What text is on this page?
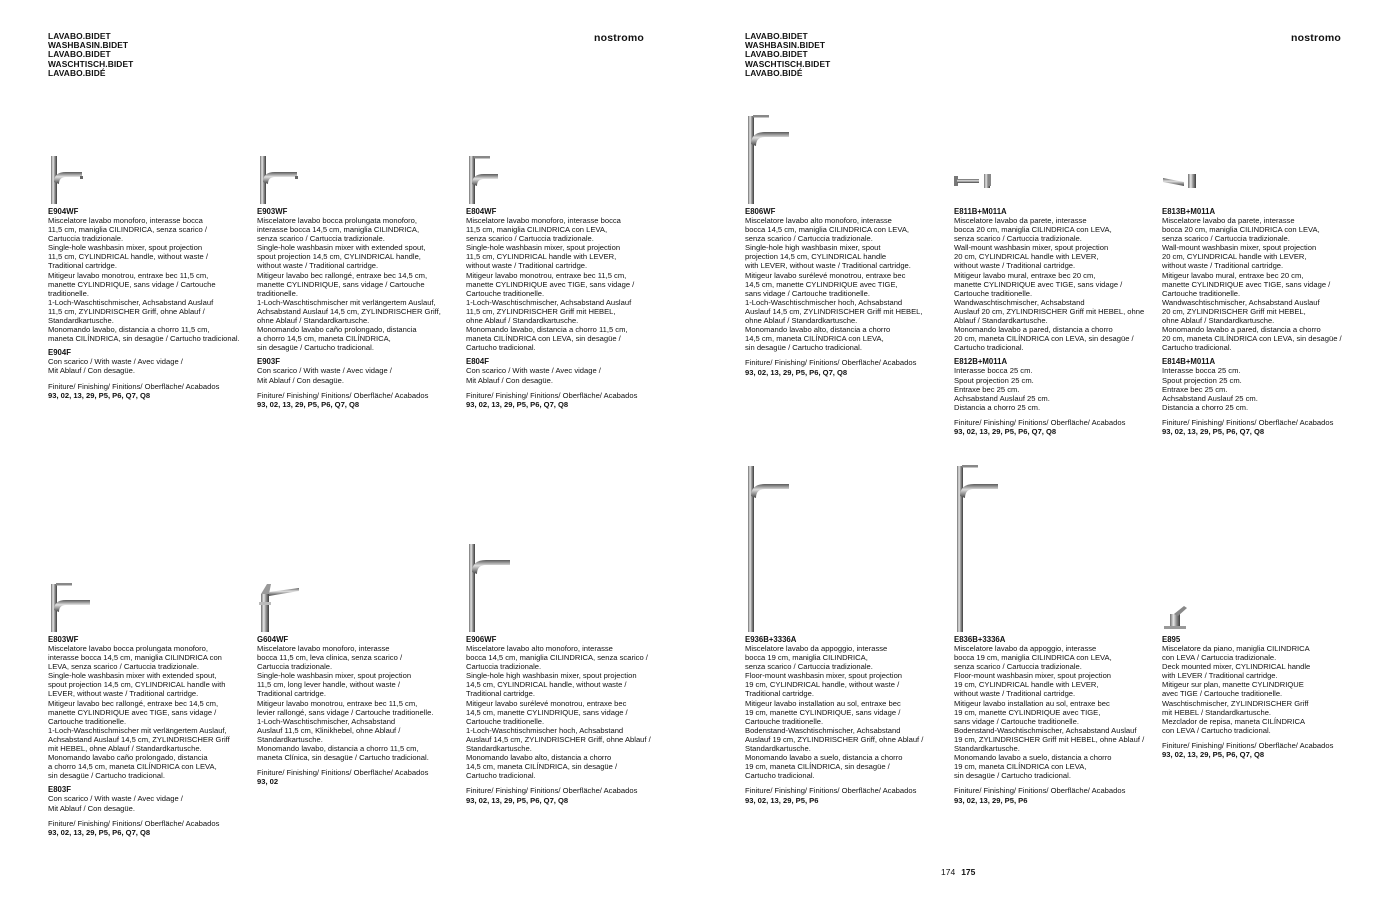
LAVABO.BIDET
WASHBASIN.BIDET
LAVABO.BIDET
WASCHTISCH.BIDET
LAVABO.BIDÉ
nostromo	LAVABO.BIDET
WASHBASIN.BIDET
LAVABO.BIDET
WASCHTISCH.BIDET
LAVABO.BIDÉ
nostromo
E904WF
Miscelatore lavabo monoforo, interasse bocca
11,5 cm, maniglia CILINDRICA, senza scarico /
Cartuccia tradizionale.
Single-hole washbasin mixer, spout projection
11,5 cm, CYLINDRICAL handle, without waste /
Traditional cartridge.
Mitigeur lavabo monotrou, entraxe bec 11,5 cm,
manette CYLINDRIQUE, sans vidage / Cartouche
traditionelle.
1-Loch-Waschtischmischer, Achsabstand Auslauf
11,5 cm, ZYLINDRISCHER Griff, ohne Ablauf /
Standardkartusche.
Monomando lavabo, distancia a chorro 11,5 cm,
maneta CILÍNDRICA, sin desagüe / Cartucho tradicional.
E904F
Con scarico / With waste / Avec vidage /
Mit Ablauf / Con desagüe.
Finiture/ Finishing/ Finitions/ Oberfläche/ Acabados
93, 02, 13, 29, P5, P6, Q7, Q8
E903WF
Miscelatore lavabo bocca prolungata monoforo,
interasse bocca 14,5 cm, maniglia CILINDRICA,
senza scarico / Cartuccia tradizionale.
Single-hole washbasin mixer with extended spout,
spout projection 14,5 cm, CYLINDRICAL handle,
without waste / Traditional cartridge.
Mitigeur lavabo bec rallongé, entraxe bec 14,5 cm,
manette CYLINDRIQUE, sans vidage / Cartouche
traditionelle.
1-Loch-Waschtischmischer mit verlängertem Auslauf,
Achsabstand Auslauf 14,5 cm, ZYLINDRISCHER Griff,
ohne Ablauf / Standardkartusche.
Monomando lavabo caño prolongado, distancia
a chorro 14,5 cm, maneta CILÍNDRICA,
sin desagüe / Cartucho tradicional.
E903F
Con scarico / With waste / Avec vidage /
Mit Ablauf / Con desagüe.
Finiture/ Finishing/ Finitions/ Oberfläche/ Acabados
93, 02, 13, 29, P5, P6, Q7, Q8
E804WF
Miscelatore lavabo monoforo, interasse bocca
11,5 cm, maniglia CILINDRICA con LEVA,
senza scarico / Cartuccia tradizionale.
Single-hole washbasin mixer, spout projection
11,5 cm, CYLINDRICAL handle with LEVER,
without waste / Traditional cartridge.
Mitigeur lavabo monotrou, entraxe bec 11,5 cm,
manette CYLINDRIQUE avec TIGE, sans vidage /
Cartouche traditionelle.
1-Loch-Waschtischmischer, Achsabstand Auslauf
11,5 cm, ZYLINDRISCHER Griff mit HEBEL,
ohne Ablauf / Standardkartusche.
Monomando lavabo, distancia a chorro 11,5 cm,
maneta CILÍNDRICA con LEVA, sin desagüe /
Cartucho tradicional.
E804F
Con scarico / With waste / Avec vidage /
Mit Ablauf / Con desagüe.
Finiture/ Finishing/ Finitions/ Oberfläche/ Acabados
93, 02, 13, 29, P5, P6, Q7, Q8
E806WF
Miscelatore lavabo alto monoforo, interasse
bocca 14,5 cm, maniglia CILINDRICA con LEVA,
senza scarico / Cartuccia tradizionale.
Single-hole high washbasin mixer, spout
projection 14,5 cm, CYLINDRICAL handle
with LEVER, without waste / Traditional cartridge.
Mitigeur lavabo surélevé monotrou, entraxe bec
14,5 cm, manette CYLINDRIQUE avec TIGE,
sans vidage / Cartouche traditionelle.
1-Loch-Waschtischmischer hoch, Achsabstand
Auslauf 14,5 cm, ZYLINDRISCHER Griff mit HEBEL,
ohne Ablauf / Standardkartusche.
Monomando lavabo alto, distancia a chorro
14,5 cm, maneta CILÍNDRICA con LEVA,
sin desagüe / Cartucho tradicional.
Finiture/ Finishing/ Finitions/ Oberfläche/ Acabados
93, 02, 13, 29, P5, P6, Q7, Q8
E811B+M011A
Miscelatore lavabo da parete, interasse
bocca 20 cm, maniglia CILINDRICA con LEVA,
senza scarico / Cartuccia tradizionale.
Wall-mount washbasin mixer, spout projection
20 cm, CYLINDRICAL handle with LEVER,
without waste / Traditional cartridge.
Mitigeur lavabo mural, entraxe bec 20 cm,
manette CYLINDRIQUE avec TIGE, sans vidage /
Cartouche traditionelle.
Wandwaschtischmischer, Achsabstand
Auslauf 20 cm, ZYLINDRISCHER Griff mit HEBEL, ohne
Ablauf / Standardkartusche.
Monomando lavabo a pared, distancia a chorro
20 cm, maneta CILÍNDRICA con LEVA, sin desagüe /
Cartucho tradicional.
E812B+M011A
Interasse bocca 25 cm.
Spout projection 25 cm.
Entraxe bec 25 cm.
Achsabstand Auslauf 25 cm.
Distancia a chorro 25 cm.
Finiture/ Finishing/ Finitions/ Oberfläche/ Acabados
93, 02, 13, 29, P5, P6, Q7, Q8
E813B+M011A
Miscelatore lavabo da parete, interasse
bocca 20 cm, maniglia CILINDRICA con LEVA,
senza scarico / Cartuccia tradizionale.
Wall-mount washbasin mixer, spout projection
20 cm, CYLINDRICAL handle with LEVER,
without waste / Traditional cartridge.
Mitigeur lavabo mural, entraxe bec 20 cm,
manette CYLINDRIQUE avec TIGE, sans vidage /
Cartouche traditionelle.
Wandwaschtischmischer, Achsabstand Auslauf
20 cm, ZYLINDRISCHER Griff mit HEBEL,
ohne Ablauf / Standardkartusche.
Monomando lavabo a pared, distancia a chorro
20 cm, maneta CILÍNDRICA con LEVA, sin desagüe /
Cartucho tradicional.
E814B+M011A
Interasse bocca 25 cm.
Spout projection 25 cm.
Entraxe bec 25 cm.
Achsabstand Auslauf 25 cm.
Distancia a chorro 25 cm.
Finiture/ Finishing/ Finitions/ Oberfläche/ Acabados
93, 02, 13, 29, P5, P6, Q7, Q8
E803WF
Miscelatore lavabo bocca prolungata monoforo,
interasse bocca 14,5 cm, maniglia CILINDRICA con
LEVA, senza scarico / Cartuccia tradizionale.
Single-hole washbasin mixer with extended spout,
spout projection 14,5 cm, CYLINDRICAL handle with
LEVER, without waste / Traditional cartridge.
Mitigeur lavabo bec rallongé, entraxe bec 14,5 cm,
manette CYLINDRIQUE avec TIGE, sans vidage /
Cartouche traditionelle.
1-Loch-Waschtischmischer mit verlängertem Auslauf,
Achsabstand Auslauf 14,5 cm, ZYLINDRISCHER Griff
mit HEBEL, ohne Ablauf / Standardkartusche.
Monomando lavabo caño prolongado, distancia
a chorro 14,5 cm, maneta CILÍNDRICA con LEVA,
sin desagüe / Cartucho tradicional.
E803F
Con scarico / With waste / Avec vidage /
Mit Ablauf / Con desagüe.
Finiture/ Finishing/ Finitions/ Oberfläche/ Acabados
93, 02, 13, 29, P5, P6, Q7, Q8
G604WF
Miscelatore lavabo monoforo, interasse
bocca 11,5 cm, leva clinica, senza scarico /
Cartuccia tradizionale.
Single-hole washbasin mixer, spout projection
11,5 cm, long lever handle, without waste /
Traditional cartridge.
Mitigeur lavabo monotrou, entraxe bec 11,5 cm,
levier rallongé, sans vidage / Cartouche traditionelle.
1-Loch-Waschtischmischer, Achsabstand
Auslauf 11,5 cm, Klinikhebel, ohne Ablauf /
Standardkartusche.
Monomando lavabo, distancia a chorro 11,5 cm,
maneta Clínica, sin desagüe / Cartucho tradicional.
Finiture/ Finishing/ Finitions/ Oberfläche/ Acabados
93, 02
E906WF
Miscelatore lavabo alto monoforo, interasse
bocca 14,5 cm, maniglia CILINDRICA, senza scarico /
Cartuccia tradizionale.
Single-hole high washbasin mixer, spout projection
14,5 cm, CYLINDRICAL handle, without waste /
Traditional cartridge.
Mitigeur lavabo surélevé monotrou, entraxe bec
14,5 cm, manette CYLINDRIQUE, sans vidage /
Cartouche traditionelle.
1-Loch-Waschtischmischer hoch, Achsabstand
Auslauf 14,5 cm, ZYLINDRISCHER Griff, ohne Ablauf /
Standardkartusche.
Monomando lavabo alto, distancia a chorro
14,5 cm, maneta CILÍNDRICA, sin desagüe /
Cartucho tradicional.
Finiture/ Finishing/ Finitions/ Oberfläche/ Acabados
93, 02, 13, 29, P5, P6, Q7, Q8
E936B+3336A
Miscelatore lavabo da appoggio, interasse
bocca 19 cm, maniglia CILINDRICA,
senza scarico / Cartuccia tradizionale.
Floor-mount washbasin mixer, spout projection
19 cm, CYLINDRICAL handle, without waste /
Traditional cartridge.
Mitigeur lavabo installation au sol, entraxe bec
19 cm, manette CYLINDRIQUE, sans vidage /
Cartouche traditionelle.
Bodenstand-Waschtischmischer, Achsabstand
Auslauf 19 cm, ZYLINDRISCHER Griff, ohne Ablauf /
Standardkartusche.
Monomando lavabo a suelo, distancia a chorro
19 cm, maneta CILÍNDRICA, sin desagüe /
Cartucho tradicional.
Finiture/ Finishing/ Finitions/ Oberfläche/ Acabados
93, 02, 13, 29, P5, P6
E836B+3336A
Miscelatore lavabo da appoggio, interasse
bocca 19 cm, maniglia CILINDRICA con LEVA,
senza scarico / Cartuccia tradizionale.
Floor-mount washbasin mixer, spout projection
19 cm, CYLINDRICAL handle with LEVER,
without waste / Traditional cartridge.
Mitigeur lavabo installation au sol, entraxe bec
19 cm, manette CYLINDRIQUE avec TIGE,
sans vidage / Cartouche traditionelle.
Bodenstand-Waschtischmischer, Achsabstand Auslauf
19 cm, ZYLINDRISCHER Griff mit HEBEL, ohne Ablauf /
Standardkartusche.
Monomando lavabo a suelo, distancia a chorro
19 cm, maneta CILÍNDRICA con LEVA,
sin desagüe / Cartucho tradicional.
Finiture/ Finishing/ Finitions/ Oberfläche/ Acabados
93, 02, 13, 29, P5, P6
E895
Miscelatore da piano, maniglia CILINDRICA
con LEVA / Cartuccia tradizionale.
Deck mounted mixer, CYLINDRICAL handle
with LEVER / Traditional cartridge.
Mitigeur sur plan, manette CYLINDRIQUE
avec TIGE / Cartouche traditionelle.
Waschtischmischer, ZYLINDRISCHER Griff
mit HEBEL / Standardkartusche.
Mezclador de repisa, maneta CILÍNDRICA
con LEVA / Cartucho tradicional.
Finiture/ Finishing/ Finitions/ Oberfläche/ Acabados
93, 02, 13, 29, P5, P6, Q7, Q8
174 175
